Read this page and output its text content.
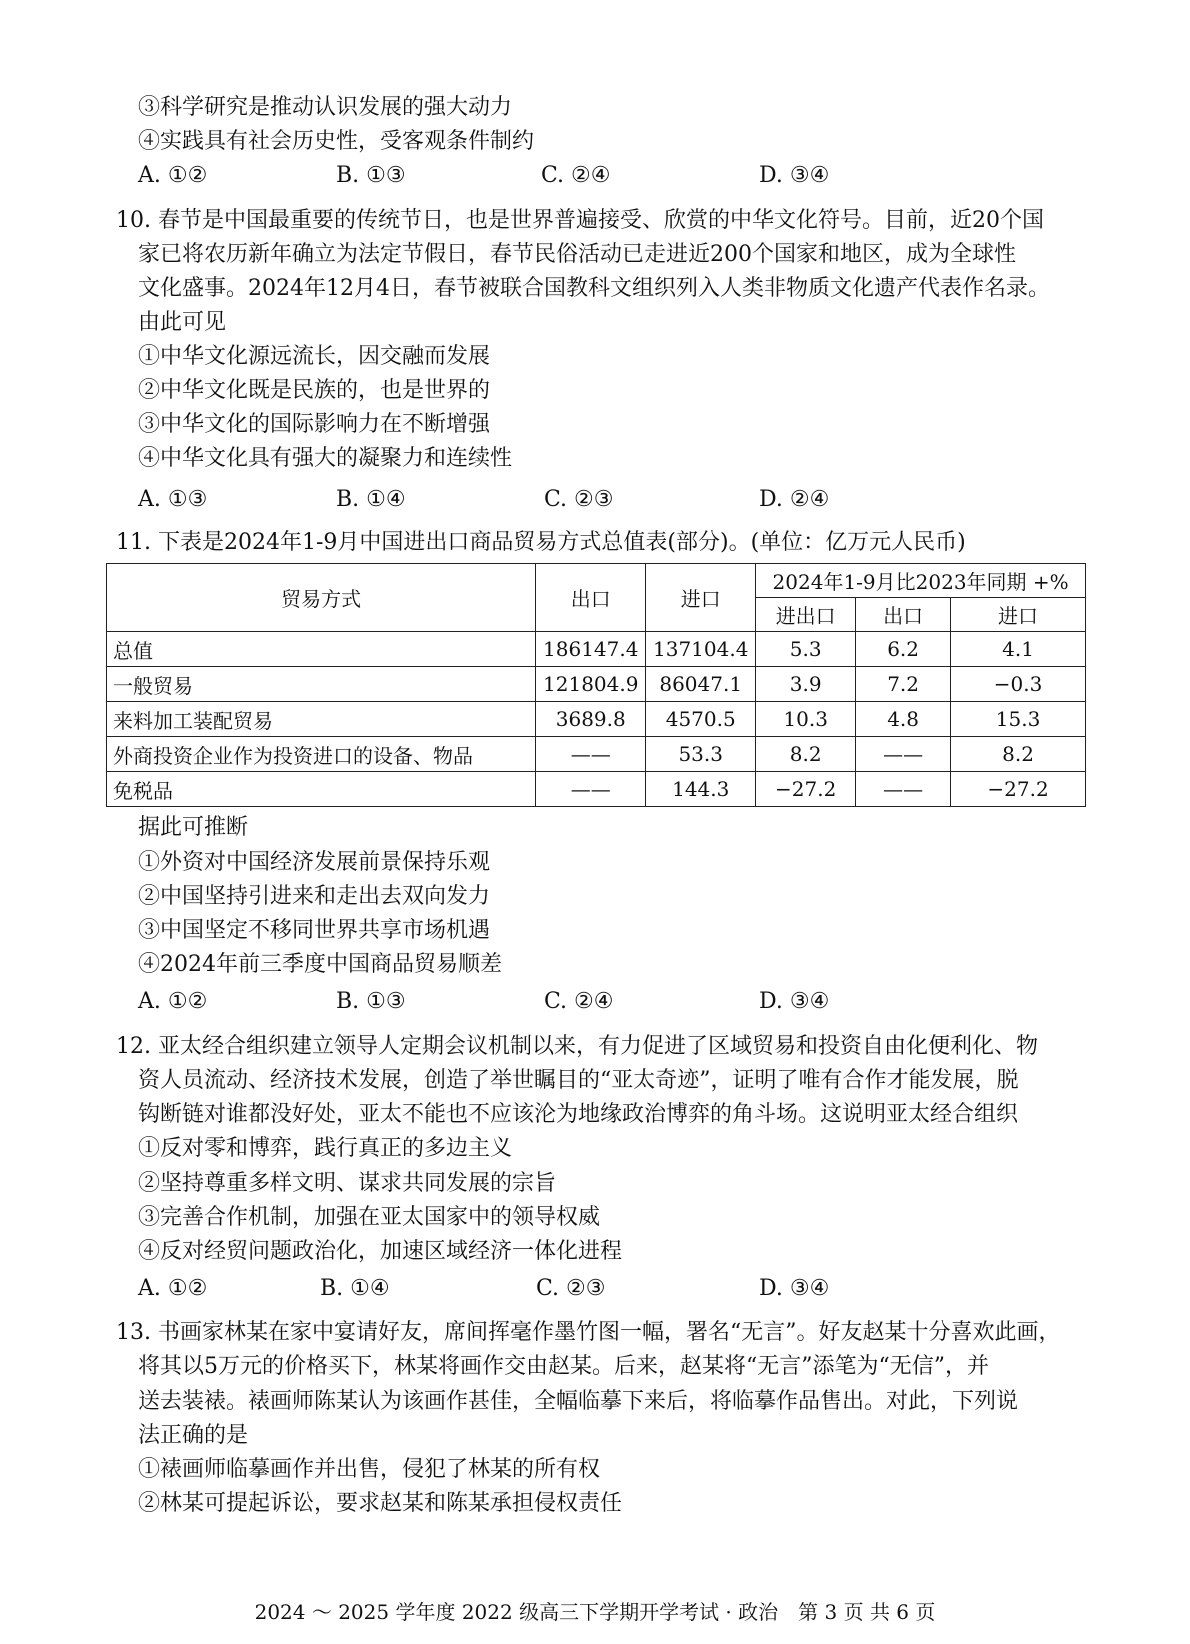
③科学研究是推动认识发展的强大动力
④实践具有社会历史性，受客观条件制约
A. ①②	B. ①③	C. ②④	D. ③④
10. 春节是中国最重要的传统节日，也是世界普遍接受、欣赏的中华文化符号。目前，近20个国
家已将农历新年确立为法定节假日，春节民俗活动已走进近200个国家和地区，成为全球性
文化盛事。2024年12月4日，春节被联合国教科文组织列入人类非物质文化遗产代表作名录。
由此可见
①中华文化源远流长，因交融而发展
②中华文化既是民族的，也是世界的
③中华文化的国际影响力在不断增强
④中华文化具有强大的凝聚力和连续性
A. ①③	B. ①④	C. ②③	D. ②④
11. 下表是2024年1-9月中国进出口商品贸易方式总值表(部分)。(单位：亿万元人民币)
贸易方式	出口	进口	2024年1-9月比2023年同期 +%		
			进出口	出口	进口
总值	186147.4	137104.4	5.3	6.2	4.1
一般贸易	121804.9	86047.1	3.9	7.2	−0.3
来料加工装配贸易	3689.8	4570.5	10.3	4.8	15.3
外商投资企业作为投资进口的设备、物品	——	53.3	8.2	——	8.2
免税品	——	144.3	−27.2	——	−27.2
据此可推断
①外资对中国经济发展前景保持乐观
②中国坚持引进来和走出去双向发力
③中国坚定不移同世界共享市场机遇
④2024年前三季度中国商品贸易顺差
A. ①②	B. ①③	C. ②④	D. ③④
12. 亚太经合组织建立领导人定期会议机制以来，有力促进了区域贸易和投资自由化便利化、物
资人员流动、经济技术发展，创造了举世瞩目的“亚太奇迹”，证明了唯有合作才能发展，脱
钩断链对谁都没好处，亚太不能也不应该沦为地缘政治博弈的角斗场。这说明亚太经合组织
①反对零和博弈，践行真正的多边主义
②坚持尊重多样文明、谋求共同发展的宗旨
③完善合作机制，加强在亚太国家中的领导权威
④反对经贸问题政治化，加速区域经济一体化进程
A. ①②	B. ①④	C. ②③	D. ③④
13. 书画家林某在家中宴请好友，席间挥毫作墨竹图一幅，署名“无言”。好友赵某十分喜欢此画，
将其以5万元的价格买下，林某将画作交由赵某。后来，赵某将“无言”添笔为“无信”，并
送去装裱。裱画师陈某认为该画作甚佳，全幅临摹下来后，将临摹作品售出。对此，下列说
法正确的是
①裱画师临摹画作并出售，侵犯了林某的所有权
②林某可提起诉讼，要求赵某和陈某承担侵权责任
2024 ～ 2025 学年度 2022 级高三下学期开学考试 · 政治　第 3 页 共 6 页
